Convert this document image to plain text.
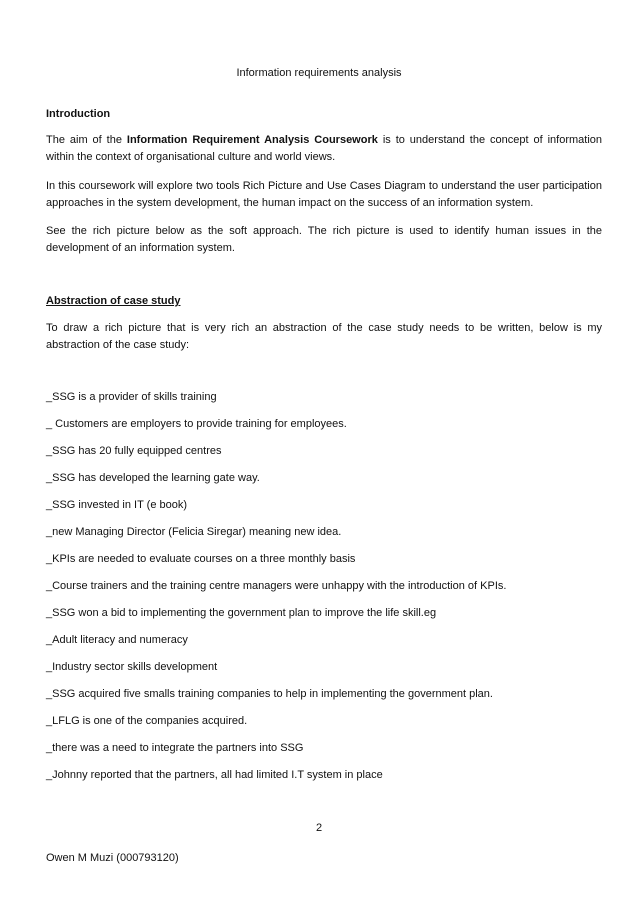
Information requirements analysis
Introduction
The aim of the Information Requirement Analysis Coursework is to understand the concept of information within the context of organisational culture and world views.
In this coursework will explore two tools Rich Picture and Use Cases Diagram to understand the user participation approaches in the system development, the human impact on the success of an information system.
See the rich picture below as the soft approach. The rich picture is used to identify human issues in the development of an information system.
Abstraction of case study
To draw a rich picture that is very rich an abstraction of the case study needs to be written, below is my abstraction of the case study:
_SSG is a provider of skills training
_ Customers are employers to provide training for employees.
_SSG has 20 fully equipped centres
_SSG has developed the learning gate way.
_SSG invested in IT (e book)
_new Managing Director (Felicia Siregar) meaning new idea.
_KPIs are needed to evaluate courses on a three monthly basis
_Course trainers and the training centre managers were unhappy with the introduction of KPIs.
_SSG won a bid to implementing the government plan to improve the life skill.eg
_Adult literacy and numeracy
_Industry sector skills development
_SSG acquired five smalls training companies to help in implementing the government plan.
_LFLG is one of the companies acquired.
_there was a need to integrate the partners into SSG
_Johnny reported that the partners, all had limited I.T system in place
2
Owen M Muzi (000793120)
